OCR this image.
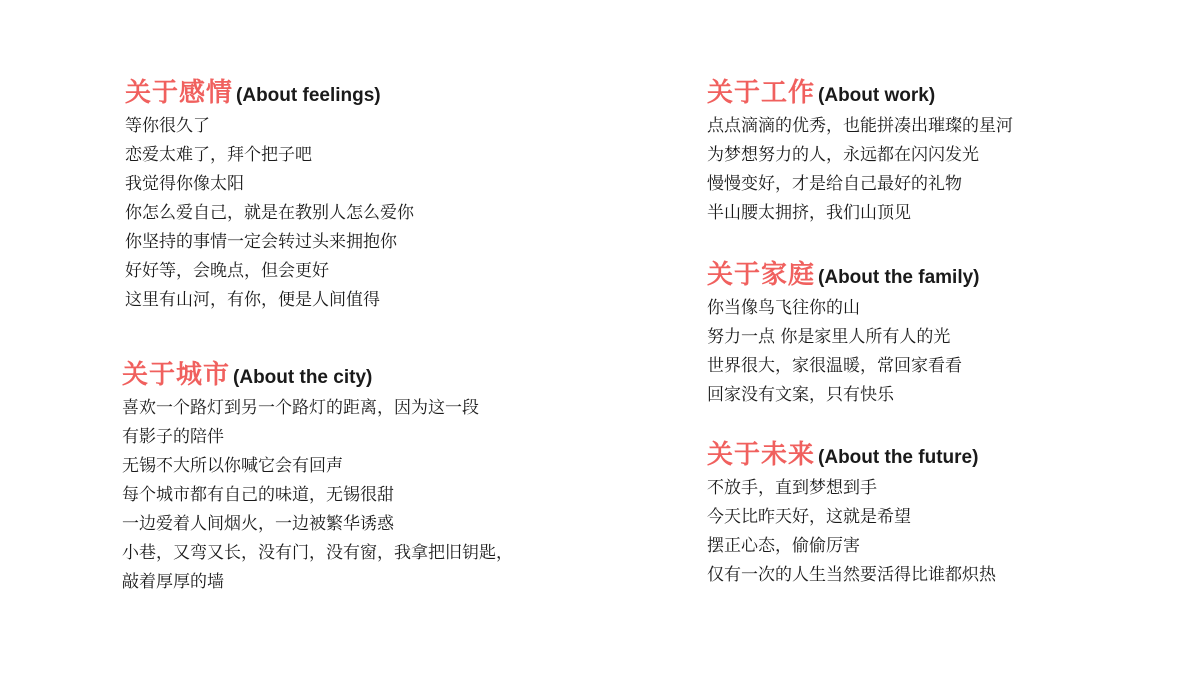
关于感情 (About feelings)
等你很久了
恋爱太难了，拜个把子吧
我觉得你像太阳
你怎么爱自己，就是在教别人怎么爱你
你坚持的事情一定会转过头来拥抱你
好好等，会晚点，但会更好
这里有山河，有你，便是人间值得
关于城市 (About the city)
喜欢一个路灯到另一个路灯的距离，因为这一段
有影子的陪伴
无锡不大所以你喊它会有回声
每个城市都有自己的味道，无锡很甜
一边爱着人间烟火，一边被繁华诱惑
小巷，又弯又长，没有门，没有窗，我拿把旧钥匙，
敲着厚厚的墙
关于工作 (About work)
点点滴滴的优秀，也能拼凑出璀璨的星河
为梦想努力的人，永远都在闪闪发光
慢慢变好，才是给自己最好的礼物
半山腰太拥挤，我们山顶见
关于家庭 (About the family)
你当像鸟飞往你的山
努力一点 你是家里人所有人的光
世界很大，家很温暖，常回家看看
回家没有文案，只有快乐
关于未来 (About the future)
不放手，直到梦想到手
今天比昨天好，这就是希望
摆正心态，偷偷厉害
仅有一次的人生当然要活得比谁都炽热
